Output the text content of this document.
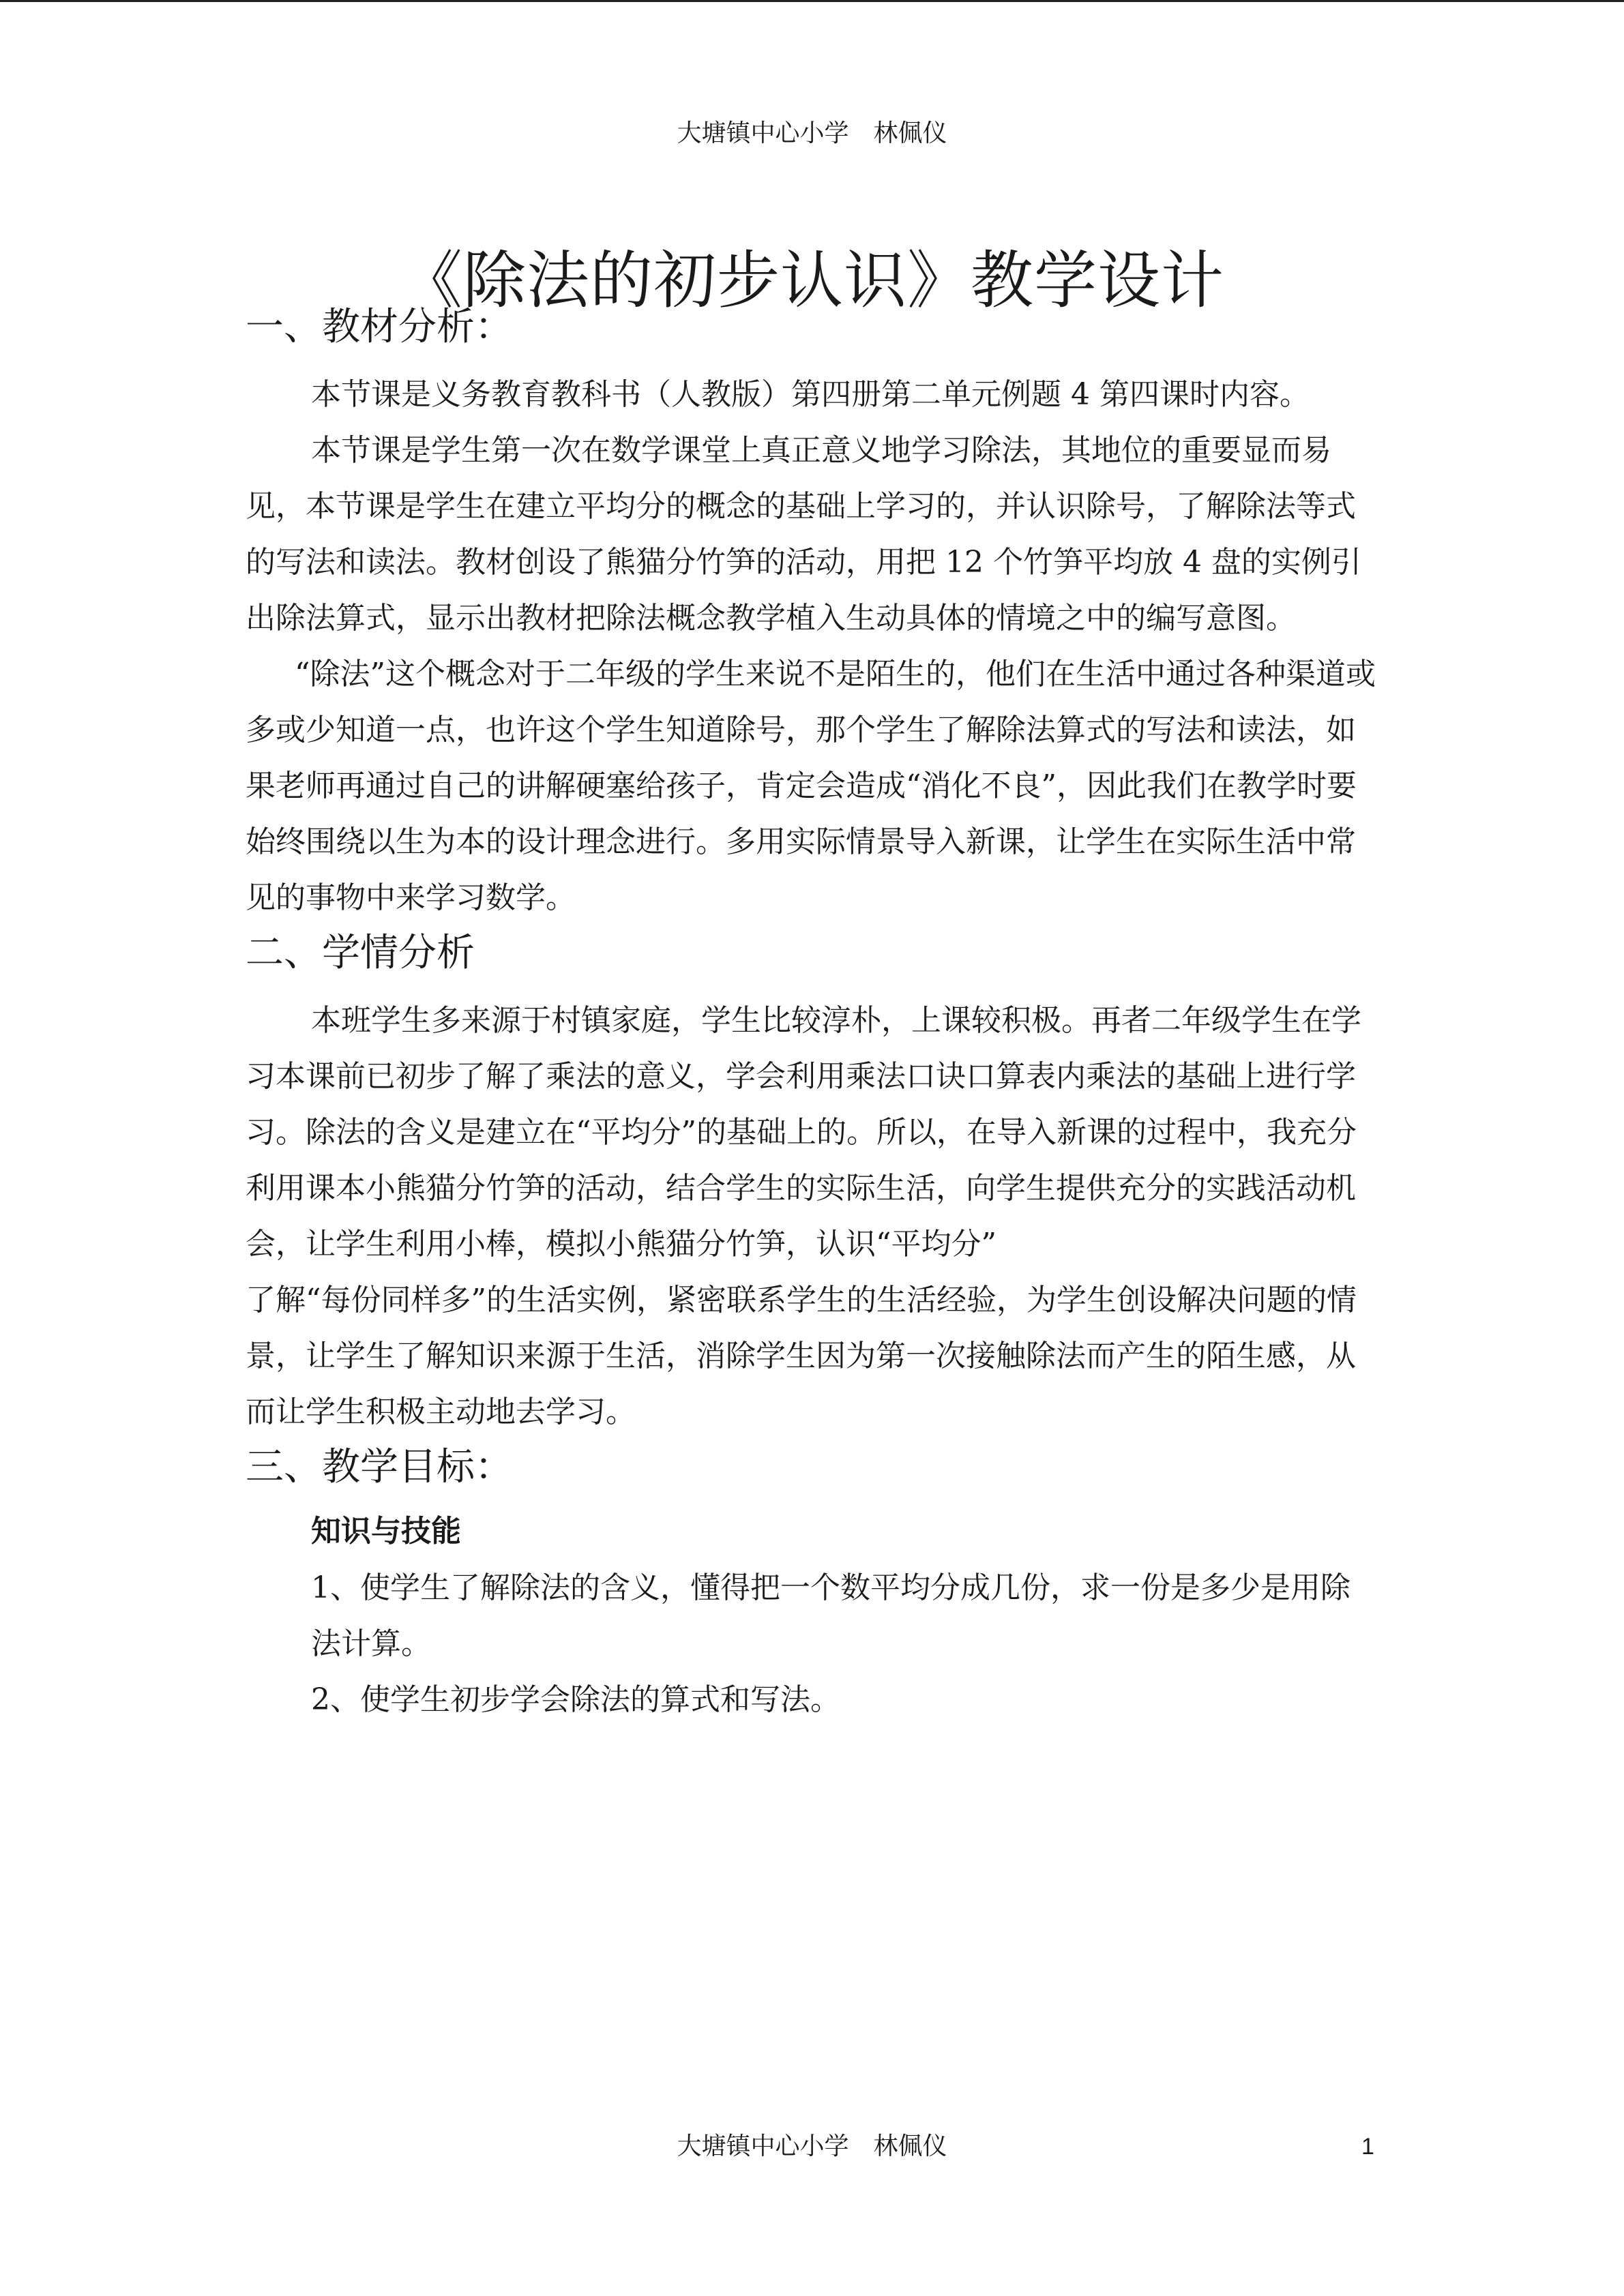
大塘镇中心小学　林佩仪
《除法的初步认识》教学设计
一、教材分析：

本节课是义务教育教科书（人教版）第四册第二单元例题 4 第四课时内容。

本节课是学生第一次在数学课堂上真正意义地学习除法，其地位的重要显而易见，本节课是学生在建立平均分的概念的基础上学习的，并认识除号，了解除法等式的写法和读法。教材创设了熊猫分竹笋的活动，用把 12 个竹笋平均放 4 盘的实例引出除法算式，显示出教材把除法概念教学植入生动具体的情境之中的编写意图。

“除法”这个概念对于二年级的学生来说不是陌生的，他们在生活中通过各种渠道或多或少知道一点，也许这个学生知道除号，那个学生了解除法算式的写法和读法，如果老师再通过自己的讲解硬塞给孩子，肯定会造成“消化不良”，因此我们在教学时要始终围绕以生为本的设计理念进行。多用实际情景导入新课，让学生在实际生活中常见的事物中来学习数学。

二、学情分析

本班学生多来源于村镇家庭，学生比较淳朴，上课较积极。再者二年级学生在学习本课前已初步了解了乘法的意义，学会利用乘法口诀口算表内乘法的基础上进行学习。除法的含义是建立在“平均分”的基础上的。所以，在导入新课的过程中，我充分利用课本小熊猫分竹笋的活动，结合学生的实际生活，向学生提供充分的实践活动机会，让学生利用小棒，模拟小熊猫分竹笋，认识“平均分”

了解“每份同样多”的生活实例，紧密联系学生的生活经验，为学生创设解决问题的情景，让学生了解知识来源于生活，消除学生因为第一次接触除法而产生的陌生感，从而让学生积极主动地去学习。

三、教学目标：
知识与技能

1、使学生了解除法的含义，懂得把一个数平均分成几份，求一份是多少是用除法计算。

2、使学生初步学会除法的算式和写法。

大塘镇中心小学　林佩仪	1
